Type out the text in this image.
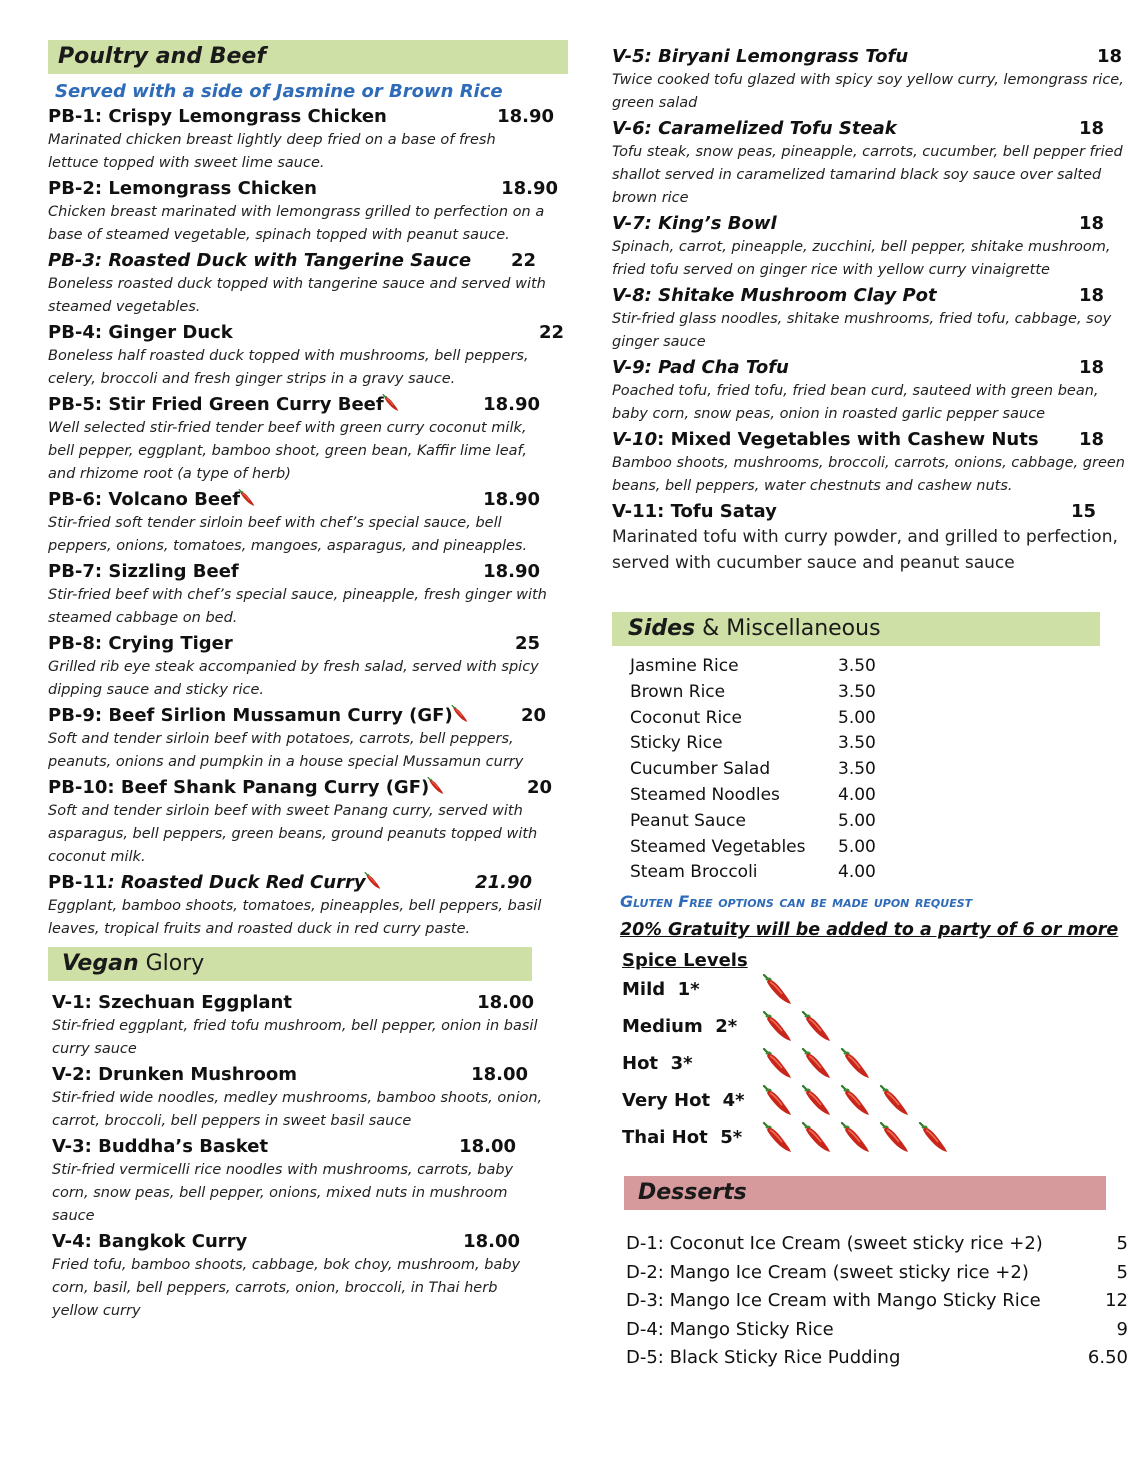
Poultry and Beef
Served with a side of Jasmine or Brown Rice
PB-1: Crispy Lemongrass Chicken	18.90
Marinated chicken breast lightly deep fried on a base of fresh lettuce topped with sweet lime sauce.
PB-2: Lemongrass Chicken	18.90
Chicken breast marinated with lemongrass grilled to perfection on a base of steamed vegetable, spinach topped with peanut sauce.
PB-3: Roasted Duck with Tangerine Sauce 22
Boneless roasted duck topped with tangerine sauce and served with steamed vegetables.
PB-4: Ginger Duck	22
Boneless half roasted duck topped with mushrooms, bell peppers, celery, broccoli and fresh ginger strips in a gravy sauce.
PB-5: Stir Fried Green Curry Beef	18.90
Well selected stir-fried tender beef with green curry coconut milk, bell pepper, eggplant, bamboo shoot, green bean, Kaffir lime leaf, and rhizome root (a type of herb)
PB-6: Volcano Beef	18.90
Stir-fried soft tender sirloin beef with chef’s special sauce, bell peppers, onions, tomatoes, mangoes, asparagus, and pineapples.
PB-7: Sizzling Beef	18.90
Stir-fried beef with chef’s special sauce, pineapple, fresh ginger with steamed cabbage on bed.
PB-8: Crying Tiger	25
Grilled rib eye steak accompanied by fresh salad, served with spicy dipping sauce and sticky rice.
PB-9: Beef Sirlion Mussamun Curry (GF)	20
Soft and tender sirloin beef with potatoes, carrots, bell peppers, peanuts, onions and pumpkin in a house special Mussamun curry
PB-10: Beef Shank Panang Curry (GF)	20
Soft and tender sirloin beef with sweet Panang curry, served with asparagus, bell peppers, green beans, ground peanuts topped with coconut milk.
PB-11: Roasted Duck Red Curry	21.90
Eggplant, bamboo shoots, tomatoes, pineapples, bell peppers, basil leaves, tropical fruits and roasted duck in red curry paste.
Vegan Glory
V-1: Szechuan Eggplant	18.00
Stir-fried eggplant, fried tofu mushroom, bell pepper, onion in basil curry sauce
V-2: Drunken Mushroom	18.00
Stir-fried wide noodles, medley mushrooms, bamboo shoots, onion, carrot, broccoli, bell peppers in sweet basil sauce
V-3: Buddha’s Basket	18.00
Stir-fried vermicelli rice noodles with mushrooms, carrots, baby corn, snow peas, bell pepper, onions, mixed nuts in mushroom sauce
V-4: Bangkok Curry	18.00
Fried tofu, bamboo shoots, cabbage, bok choy, mushroom, baby corn, basil, bell peppers, carrots, onion, broccoli, in Thai herb yellow curry
V-5: Biryani Lemongrass Tofu	18
Twice cooked tofu glazed with spicy soy yellow curry, lemongrass rice, green salad
V-6: Caramelized Tofu Steak	18
Tofu steak, snow peas, pineapple, carrots, cucumber, bell pepper fried shallot served in caramelized tamarind black soy sauce over salted brown rice
V-7: King’s Bowl	18
Spinach, carrot, pineapple, zucchini, bell pepper, shitake mushroom, fried tofu served on ginger rice with yellow curry vinaigrette
V-8: Shitake Mushroom Clay Pot	18
Stir-fried glass noodles, shitake mushrooms, fried tofu, cabbage, soy ginger sauce
V-9: Pad Cha Tofu	18
Poached tofu, fried tofu, fried bean curd, sauteed with green bean, baby corn, snow peas, onion in roasted garlic pepper sauce
V-10: Mixed Vegetables with Cashew Nuts 18
Bamboo shoots, mushrooms, broccoli, carrots, onions, cabbage, green beans, bell peppers, water chestnuts and cashew nuts.
V-11: Tofu Satay	15
Marinated tofu with curry powder, and grilled to perfection, served with cucumber sauce and peanut sauce
Sides & Miscellaneous
Jasmine Rice	3.50
Brown Rice	3.50
Coconut Rice	5.00
Sticky Rice	3.50
Cucumber Salad	3.50
Steamed Noodles	4.00
Peanut Sauce	5.00
Steamed Vegetables	5.00
Steam Broccoli	4.00
Gluten Free options can be made upon request
20% Gratuity will be added to a party of 6 or more
Spice Levels
Mild  1*
Medium  2*
Hot  3*
Very Hot  4*
Thai Hot  5*
Desserts
D-1: Coconut Ice Cream (sweet sticky rice +2)	5
D-2: Mango Ice Cream (sweet sticky rice +2)	5
D-3: Mango Ice Cream with Mango Sticky Rice	12
D-4: Mango Sticky Rice	9
D-5: Black Sticky Rice Pudding	6.50
